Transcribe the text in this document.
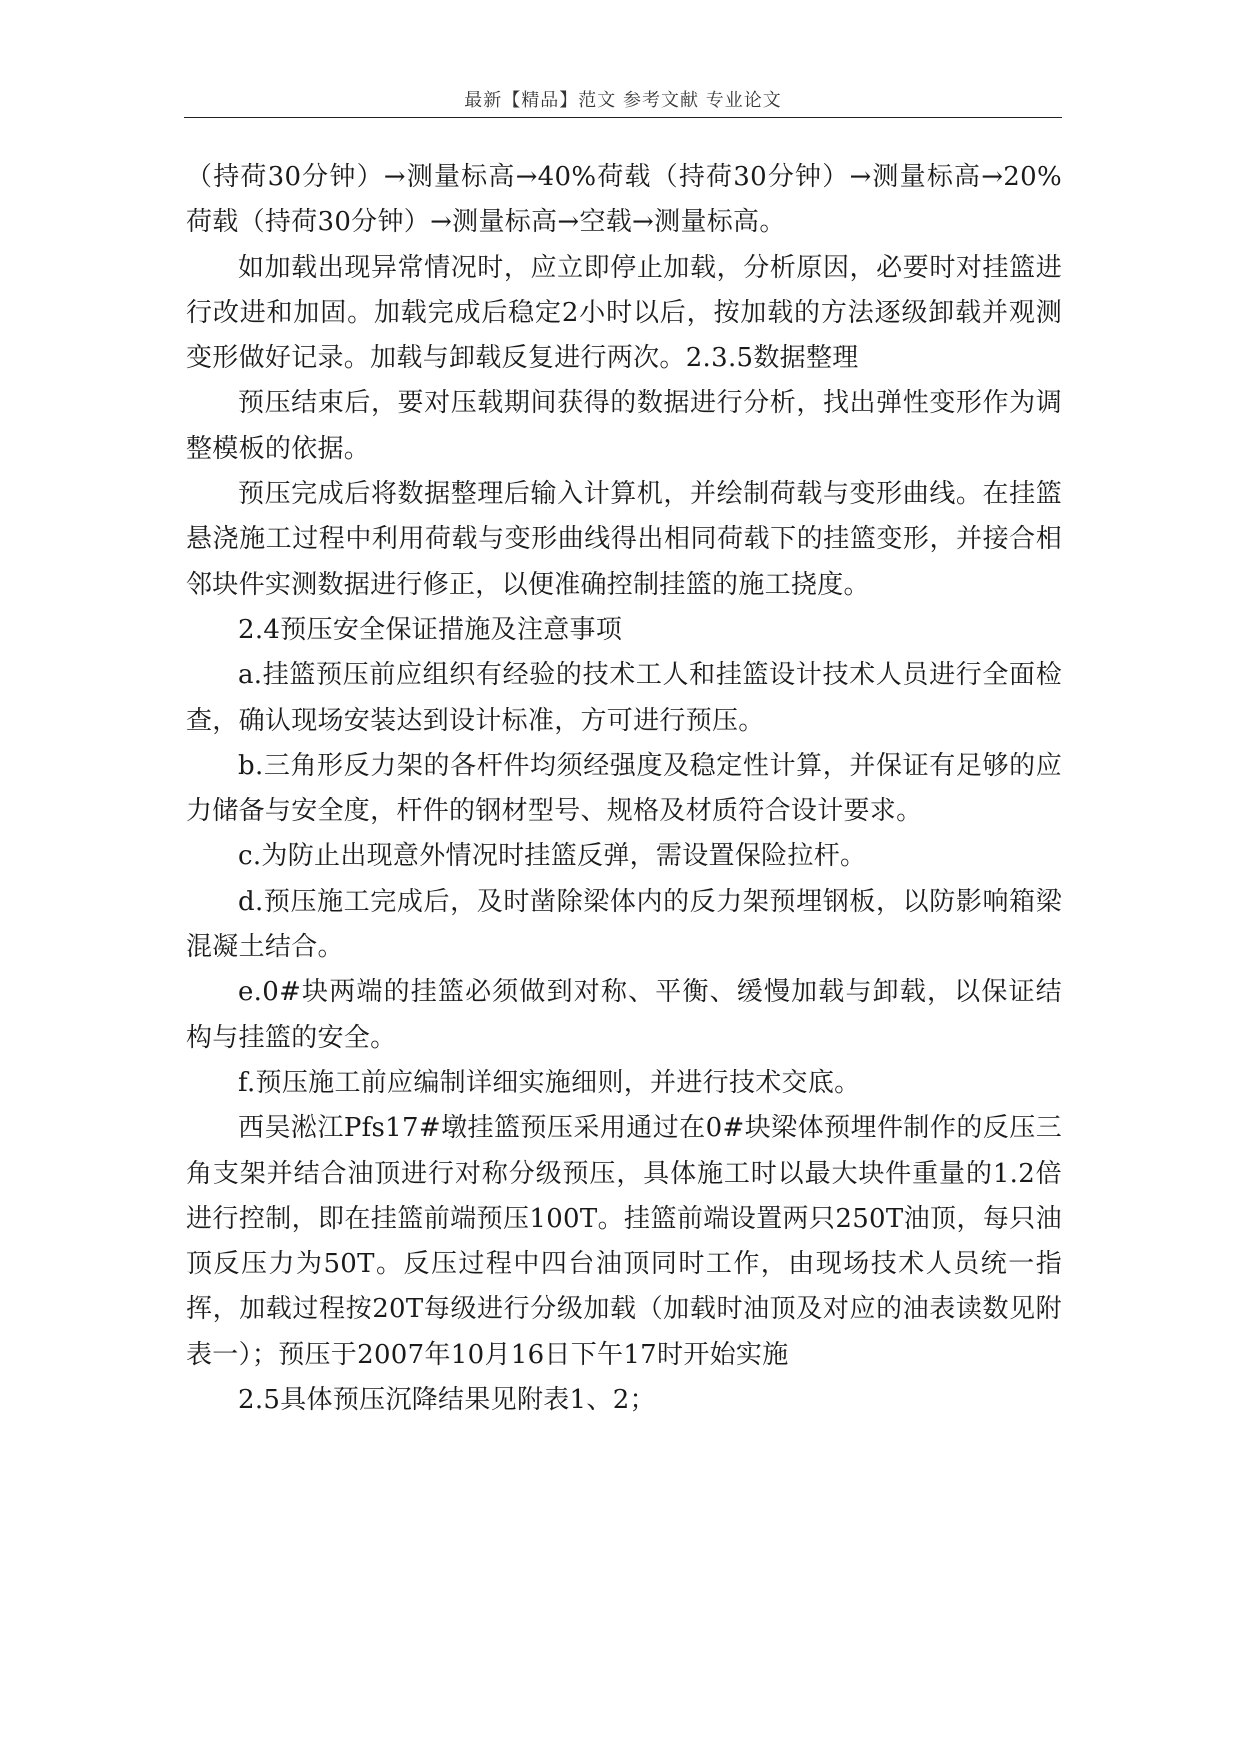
最新【精品】范文 参考文献 专业论文

（持荷30分钟）→测量标高→40%荷载（持荷30分钟）→测量标高→20%荷载（持荷30分钟）→测量标高→空载→测量标高。

如加载出现异常情况时，应立即停止加载，分析原因，必要时对挂篮进行改进和加固。加载完成后稳定2小时以后，按加载的方法逐级卸载并观测变形做好记录。加载与卸载反复进行两次。2.3.5数据整理

预压结束后，要对压载期间获得的数据进行分析，找出弹性变形作为调整模板的依据。

预压完成后将数据整理后输入计算机，并绘制荷载与变形曲线。在挂篮悬浇施工过程中利用荷载与变形曲线得出相同荷载下的挂篮变形，并接合相邻块件实测数据进行修正，以便准确控制挂篮的施工挠度。

2.4预压安全保证措施及注意事项

a.挂篮预压前应组织有经验的技术工人和挂篮设计技术人员进行全面检查，确认现场安装达到设计标准，方可进行预压。

b.三角形反力架的各杆件均须经强度及稳定性计算，并保证有足够的应力储备与安全度，杆件的钢材型号、规格及材质符合设计要求。

c.为防止出现意外情况时挂篮反弹，需设置保险拉杆。

d.预压施工完成后，及时凿除梁体内的反力架预埋钢板，以防影响箱梁混凝土结合。

e.0#块两端的挂篮必须做到对称、平衡、缓慢加载与卸载，以保证结构与挂篮的安全。

f.预压施工前应编制详细实施细则，并进行技术交底。

西吴淞江Pfs17#墩挂篮预压采用通过在0#块梁体预埋件制作的反压三角支架并结合油顶进行对称分级预压，具体施工时以最大块件重量的1.2倍进行控制，即在挂篮前端预压100T。挂篮前端设置两只250T油顶，每只油顶反压力为50T。反压过程中四台油顶同时工作，由现场技术人员统一指挥，加载过程按20T每级进行分级加载（加载时油顶及对应的油表读数见附表一）；预压于2007年10月16日下午17时开始实施

2.5具体预压沉降结果见附表1、2；
